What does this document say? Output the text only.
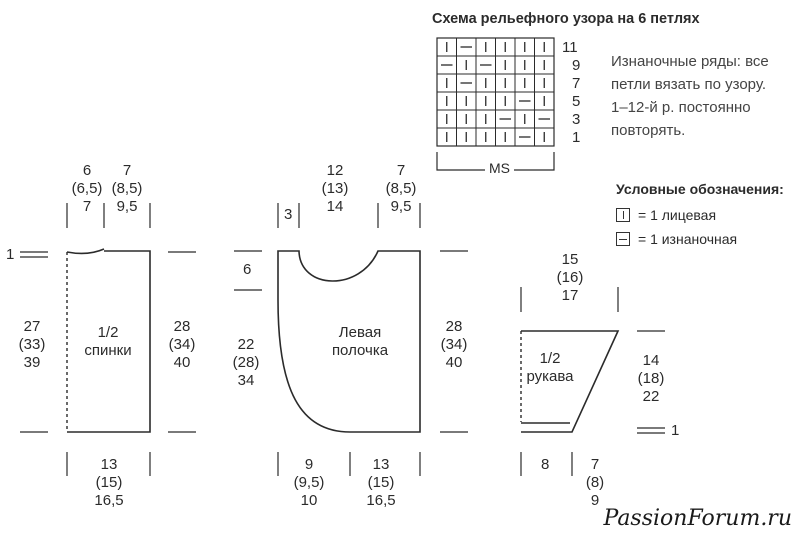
Схема рельефного узора на 6 петлях
11
9
7
5
3
1
MS
Изнаночные ряды: все
петли вязать по узору.
1–12-й р. постоянно
повторять.
Условные обозначения:
= 1 лицевая
= 1 изнаночная
1/2
спинки
6
(6,5)
7
7
(8,5)
9,5
27
(33)
39
28
(34)
40
13
(15)
16,5
1
Левая
полочка
3
12
(13)
14
7
(8,5)
9,5
6
22
(28)
34
28
(34)
40
9
(9,5)
10
13
(15)
16,5
1/2
рукава
15
(16)
17
14
(18)
22
1
8	7
(8)
9
PassionForum.ru
